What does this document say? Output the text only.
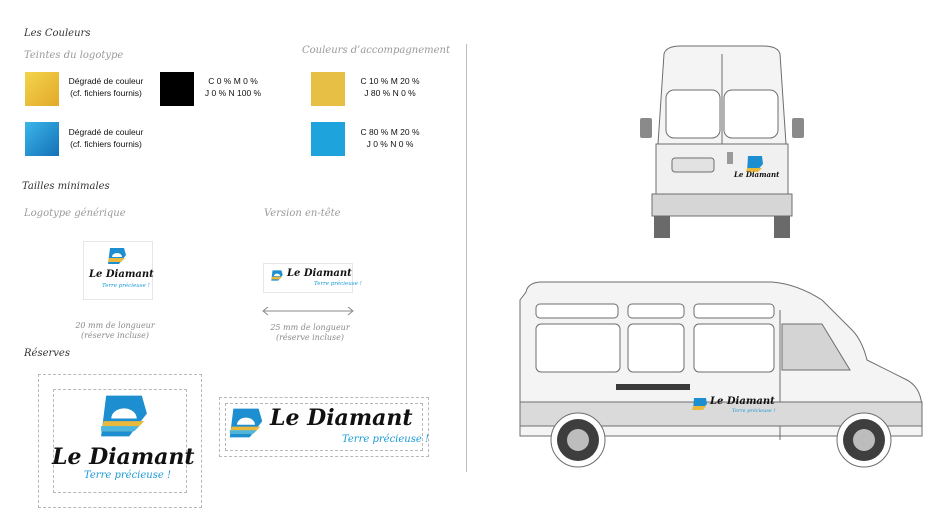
Les Couleurs
Teintes du logotype	Couleurs d’accompagnement
Dégradé de couleur
(cf. fichiers fournis)
C 0 % M 0 %
J 0 % N 100 %
C 10 % M 20 %
J 80 % N 0 %
Dégradé de couleur
(cf. fichiers fournis)
C 80 % M 20 %
J 0 % N 0 %
Tailles minimales
Logotype générique	Version en-tête
Le Diamant
Terre précieuse !
20 mm de longueur
(réserve incluse)
Le Diamant
Terre précieuse !
25 mm de longueur
(réserve incluse)
Réserves
Le Diamant
Terre précieuse !
Le Diamant
Terre précieuse !
Le Diamant
Le Diamant
Terre précieuse !
